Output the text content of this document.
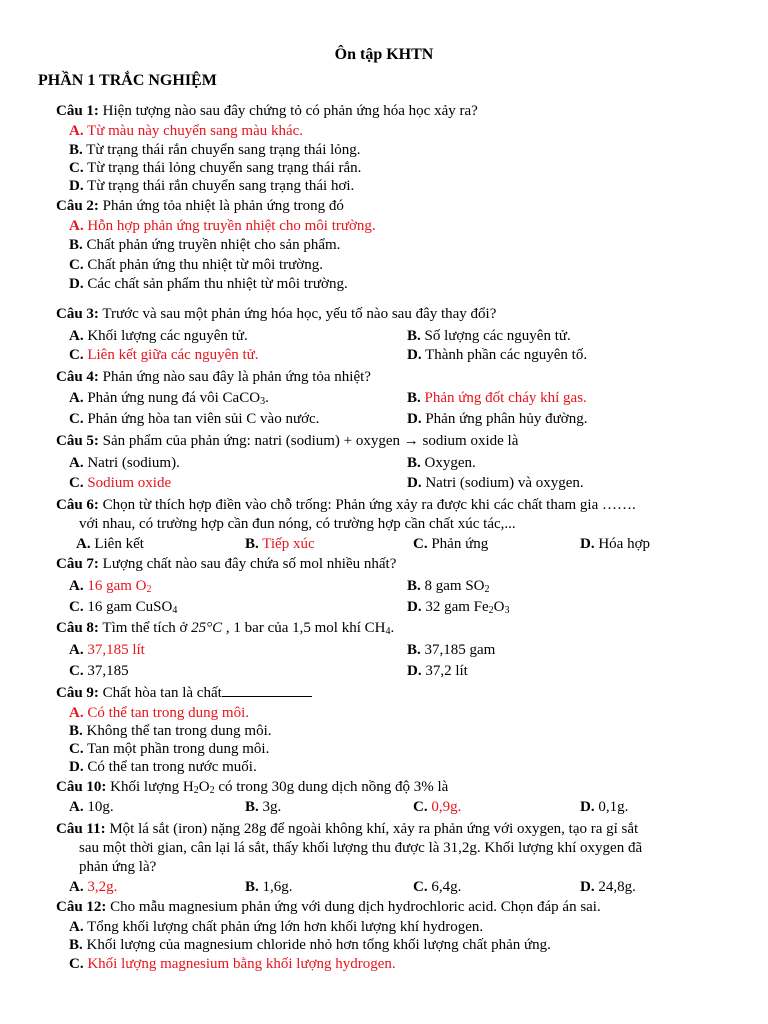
Ôn tập KHTN
PHẦN 1 TRẮC NGHIỆM
Câu 1: Hiện tượng nào sau đây chứng tỏ có phản ứng hóa học xảy ra?
A. Từ màu này chuyển sang màu khác.
B. Từ trạng thái rắn chuyển sang trạng thái lỏng.
C. Từ trạng thái lỏng chuyển sang trạng thái rắn.
D. Từ trạng thái rắn chuyển sang trạng thái hơi.
Câu 2: Phản ứng tỏa nhiệt là phản ứng trong đó
A. Hỗn hợp phản ứng truyền nhiệt cho môi trường.
B. Chất phản ứng truyền nhiệt cho sản phẩm.
C. Chất phản ứng thu nhiệt từ môi trường.
D. Các chất sản phẩm thu nhiệt từ môi trường.
Câu 3: Trước và sau một phản ứng hóa học, yếu tố nào sau đây thay đổi?
A. Khối lượng các nguyên tử.	B. Số lượng các nguyên tử.
C. Liên kết giữa các nguyên tử.	D. Thành phần các nguyên tố.
Câu 4: Phản ứng nào sau đây là phản ứng tỏa nhiệt?
A. Phản ứng nung đá vôi CaCO$_3$.	B. Phản ứng đốt cháy khí gas.
C. Phản ứng hòa tan viên sủi C vào nước.	D. Phản ứng phân hủy đường.
Câu 5: Sản phẩm của phản ứng: natri (sodium) + oxygen → sodium oxide là
A. Natri (sodium).	B. Oxygen.
C. Sodium oxide	D. Natri (sodium) và oxygen.
Câu 6: Chọn từ thích hợp điền vào chỗ trống: Phản ứng xảy ra được khi các chất tham gia …….
với nhau, có trường hợp cần đun nóng, có trường hợp cần chất xúc tác,...
A. Liên kết	B. Tiếp xúc	C. Phản ứng	D. Hóa hợp
Câu 7: Lượng chất nào sau đây chứa số mol nhiều nhất?
A. 16 gam $O_2$	B. 8 gam $SO_2$
C. 16 gam CuSO$_4$	D. 32 gam $Fe_2O_3$
Câu 8: Tìm thể tích ở 25°C , 1 bar của 1,5 mol khí $CH_4$.
A. 37,185 lít	B. 37,185 gam
C. 37,185	D. 37,2 lít
Câu 9: Chất hòa tan là chất
A. Có thể tan trong dung môi.
B. Không thể tan trong dung môi.
C. Tan một phần trong dung môi.
D. Có thể tan trong nước muối.
Câu 10: Khối lượng $H_2O_2$ có trong 30g dung dịch nồng độ 3% là
A. 10g.	B. 3g.	C. 0,9g.	D. 0,1g.
Câu 11: Một lá sắt (iron) nặng 28g để ngoài không khí, xảy ra phản ứng với oxygen, tạo ra gỉ sắt
sau một thời gian, cân lại lá sắt, thấy khối lượng thu được là 31,2g. Khối lượng khí oxygen đã
phản ứng là?
A. 3,2g.	B. 1,6g.	C. 6,4g.	D. 24,8g.
Câu 12: Cho mẫu magnesium phản ứng với dung dịch hydrochloric acid. Chọn đáp án sai.
A. Tổng khối lượng chất phản ứng lớn hơn khối lượng khí hydrogen.
B. Khối lượng của magnesium chloride nhỏ hơn tổng khối lượng chất phản ứng.
C. Khối lượng magnesium bằng khối lượng hydrogen.
